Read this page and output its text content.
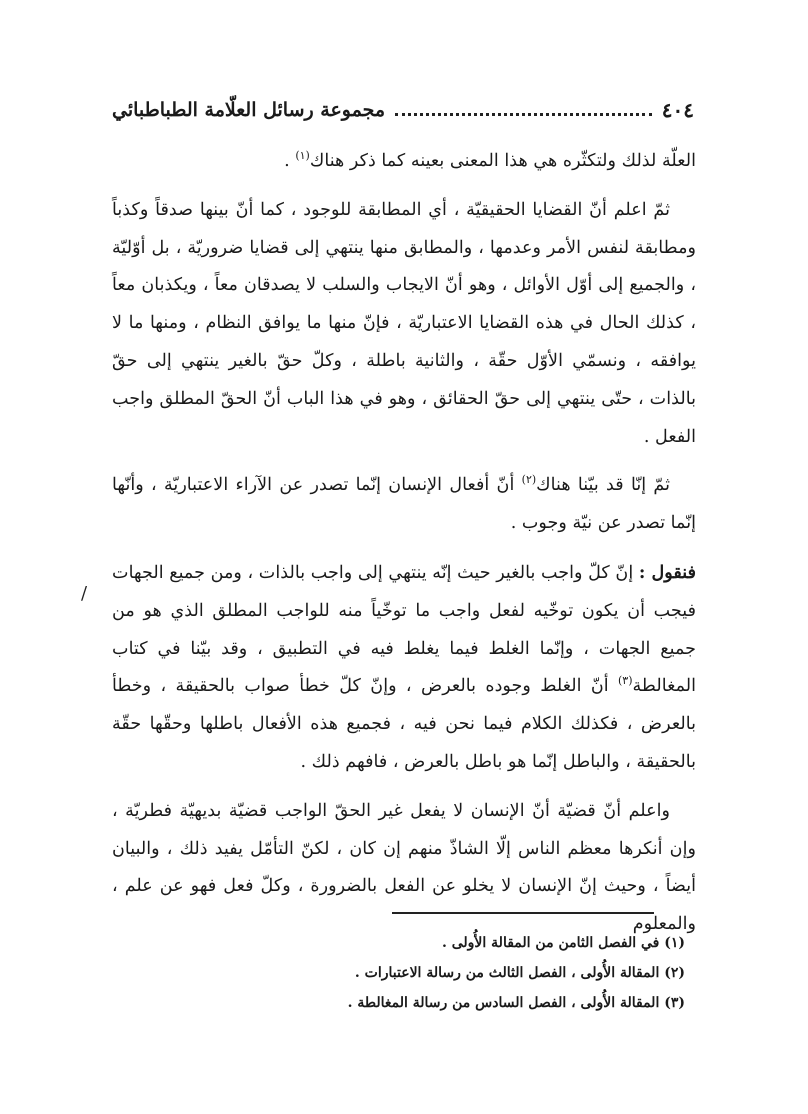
٤٠٤
مجموعة رسائل العلّامة الطباطبائي

العلّة لذلك ولتكثّره هي هذا المعنى بعينه كما ذكر هناك$^{(١)}$ .

ثمّ اعلم أنّ القضايا الحقيقيّة ، أي المطابقة للوجود ، كما أنّ بينها صدقاً وكذباً ومطابقة لنفس الأمر وعدمها ، والمطابق منها ينتهي إلى قضايا ضروريّة ، بل أوّليّة ، والجميع إلى أوّل الأوائل ، وهو أنّ الايجاب والسلب لا يصدقان معاً ، ويكذبان معاً ، كذلك الحال في هذه القضايا الاعتباريّة ، فإنّ منها ما يوافق النظام ، ومنها ما لا يوافقه ، ونسمّي الأوّل حقّة ، والثانية باطلة ، وكلّ حقّ بالغير ينتهي إلى حقّ بالذات ، حتّى ينتهي إلى حقّ الحقائق ، وهو في هذا الباب أنّ الحقّ المطلق واجب الفعل .

ثمّ إنّا قد بيّنا هناك$^{(٢)}$ أنّ أفعال الإنسان إنّما تصدر عن الآراء الاعتباريّة ، وأنّها إنّما تصدر عن نيّة وجوب .

فنقول : إنّ كلّ واجب بالغير حيث إنّه ينتهي إلى واجب بالذات ، ومن جميع الجهات فيجب أن يكون توخّيه لفعل واجب ما توخّياً منه للواجب المطلق الذي هو من جميع الجهات ، وإنّما الغلط فيما يغلط فيه في التطبيق ، وقد بيّنا في كتاب المغالطة$^{(٣)}$ أنّ الغلط وجوده بالعرض ، وإنّ كلّ خطأ صواب بالحقيقة ، وخطأ بالعرض ، فكذلك الكلام فيما نحن فيه ، فجميع هذه الأفعال باطلها وحقّها حقّة بالحقيقة ، والباطل إنّما هو باطل بالعرض ، فافهم ذلك .

واعلم أنّ قضيّة أنّ الإنسان لا يفعل غير الحقّ الواجب قضيّة بديهيّة فطريّة ، وإن أنكرها معظم الناس إلّا الشاذّ منهم إن كان ، لكنّ التأمّل يفيد ذلك ، والبيان أيضاً ، وحيث إنّ الإنسان لا يخلو عن الفعل بالضرورة ، وكلّ فعل فهو عن علم ، والمعلوم

/
(١) في الفصل الثامن من المقالة الأُولى .
(٢) المقالة الأُولى ، الفصل الثالث من رسالة الاعتبارات .
(٣) المقالة الأُولى ، الفصل السادس من رسالة المغالطة .
